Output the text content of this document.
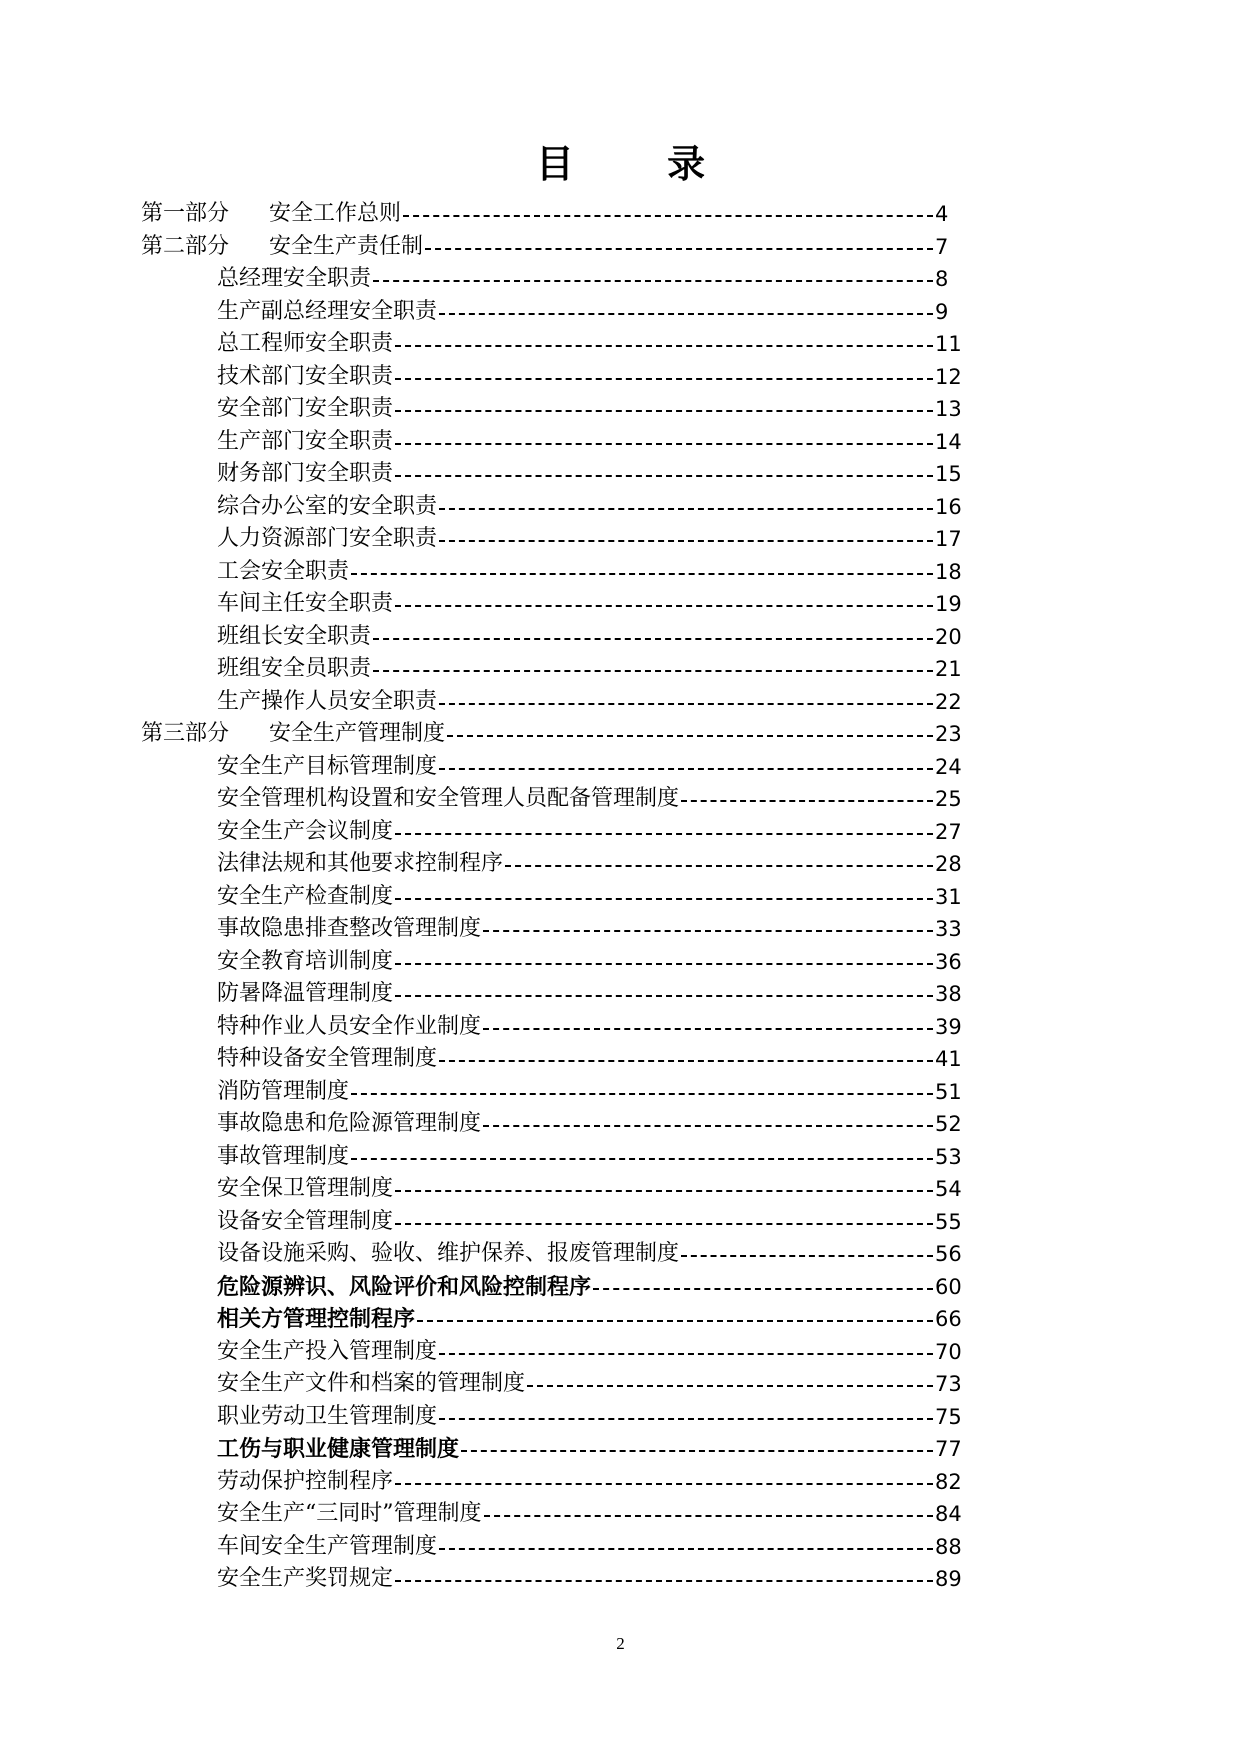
目 录
第一部分	安全工作总则	4
第二部分	安全生产责任制	7
总经理安全职责	8
生产副总经理安全职责	9
总工程师安全职责	11
技术部门安全职责	12
安全部门安全职责	13
生产部门安全职责	14
财务部门安全职责	15
综合办公室的安全职责	16
人力资源部门安全职责	17
工会安全职责	18
车间主任安全职责	19
班组长安全职责	20
班组安全员职责	21
生产操作人员安全职责	22
第三部分	安全生产管理制度	23
安全生产目标管理制度	24
安全管理机构设置和安全管理人员配备管理制度	25
安全生产会议制度	27
法律法规和其他要求控制程序	28
安全生产检查制度	31
事故隐患排查整改管理制度	33
安全教育培训制度	36
防暑降温管理制度	38
特种作业人员安全作业制度	39
特种设备安全管理制度	41
消防管理制度	51
事故隐患和危险源管理制度	52
事故管理制度	53
安全保卫管理制度	54
设备安全管理制度	55
设备设施采购、验收、维护保养、报废管理制度	56
危险源辨识、风险评价和风险控制程序	60
相关方管理控制程序	66
安全生产投入管理制度	70
安全生产文件和档案的管理制度	73
职业劳动卫生管理制度	75
工伤与职业健康管理制度	77
劳动保护控制程序	82
安全生产“三同时”管理制度	84
车间安全生产管理制度	88
安全生产奖罚规定	89

2
